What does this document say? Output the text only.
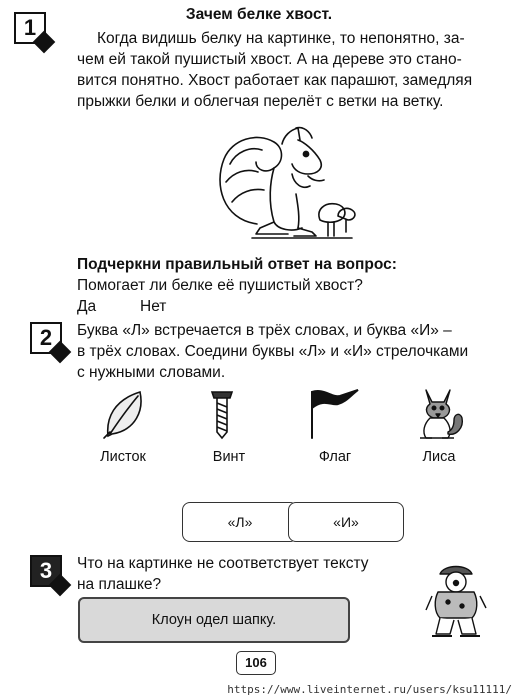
1
Зачем белке хвост.
Когда видишь белку на картинке, то непонятно, за-
чем ей такой пушистый хвост. А на дереве это стано-
вится понятно. Хвост работает как парашют, замедляя
прыжки белки и облегчая перелёт с ветки на ветку.
Подчеркни правильный ответ на вопрос:
Помогает ли белке её пушистый хвост?
Да	Нет
2	Буква «Л» встречается в трёх словах, и буква «И» –
в трёх словах. Соедини буквы «Л» и «И» стрелочками
с нужными словами.
Листок	Винт	Флаг	Лиса
«Л»	«И»
3	Что на картинке не соответствует тексту
на плашке?
Клоун одел шапку.
106
https://www.liveinternet.ru/users/ksu11111/
